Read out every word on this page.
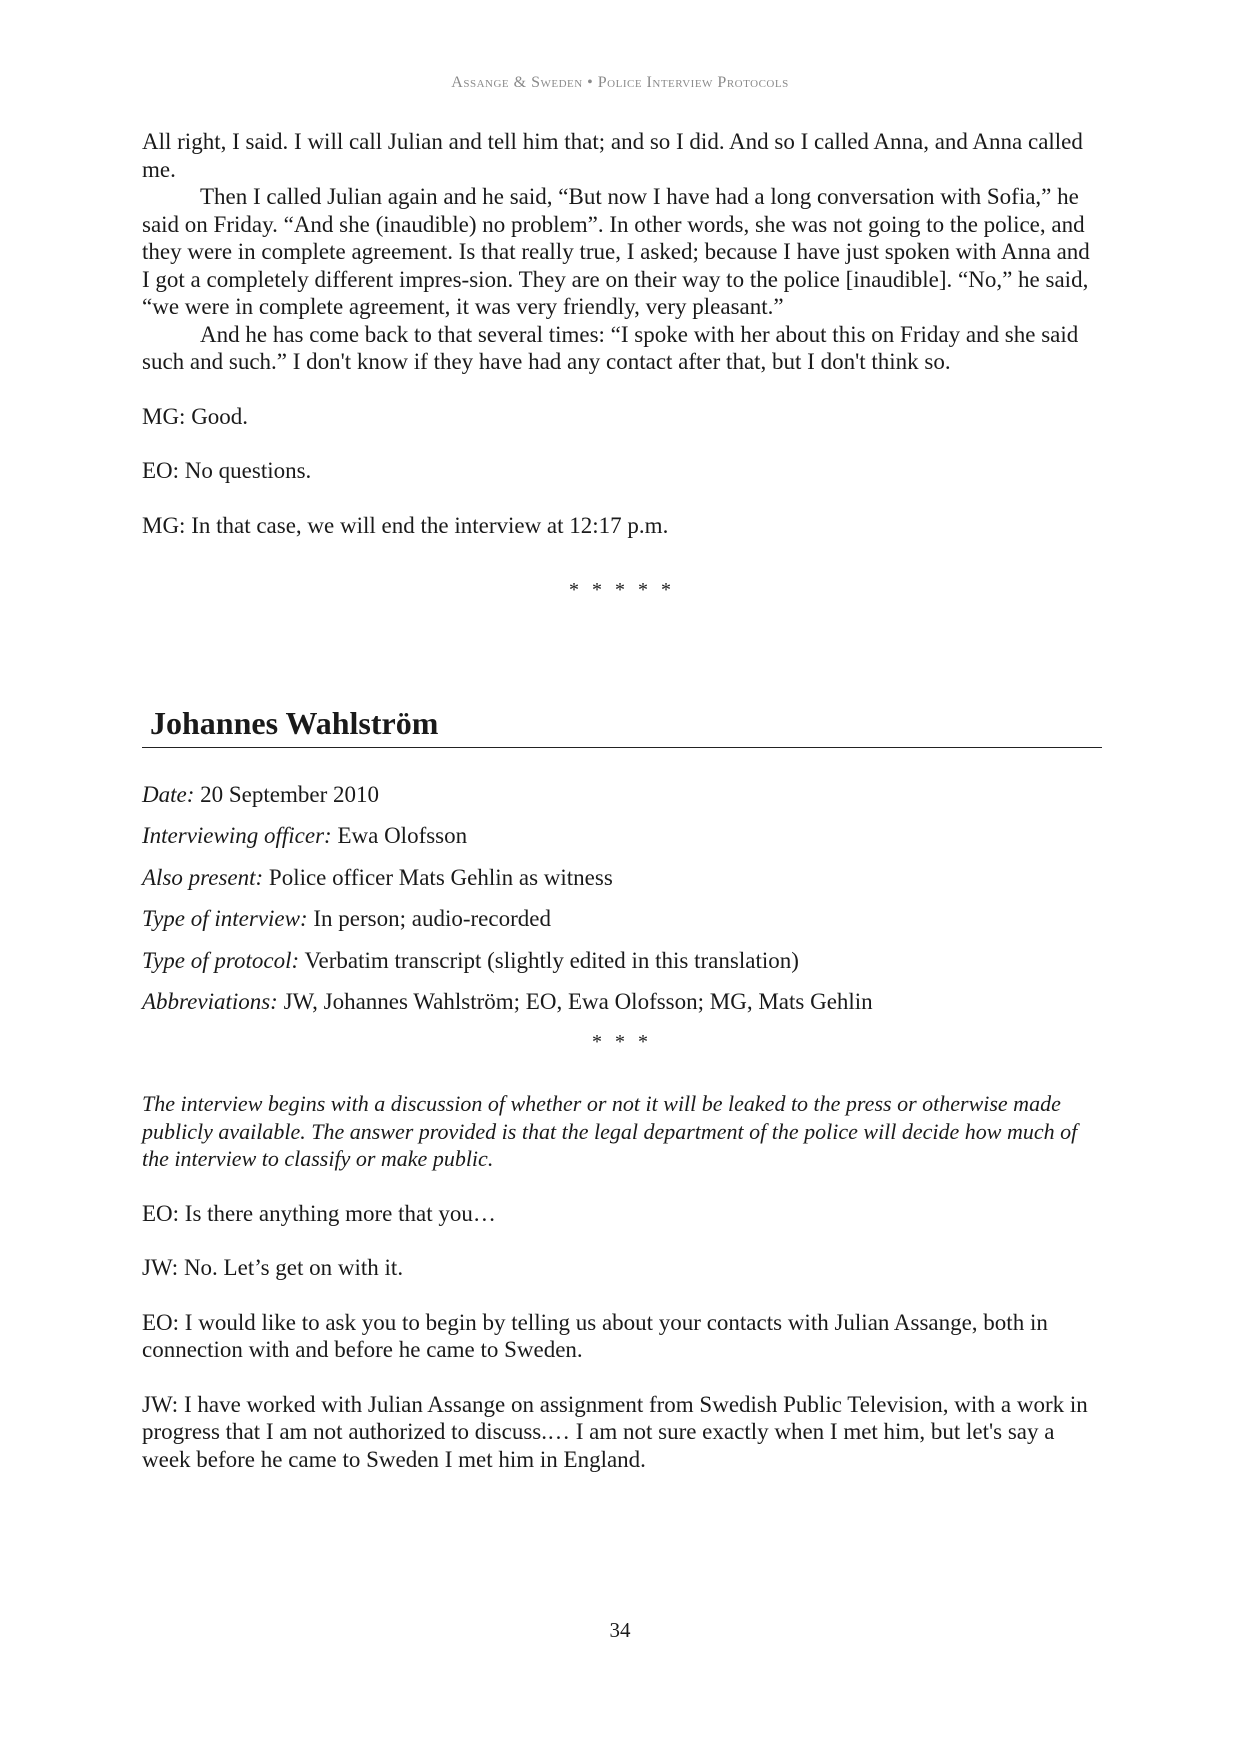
Assange & Sweden • Police Interview Protocols

All right, I said. I will call Julian and tell him that; and so I did. And so I called Anna, and Anna called me.

Then I called Julian again and he said, “But now I have had a long conversation with Sofia,” he said on Friday. “And she (inaudible) no problem”. In other words, she was not going to the police, and they were in complete agreement. Is that really true, I asked; because I have just spoken with Anna and I got a completely different impres-sion. They are on their way to the police [inaudible]. “No,” he said, “we were in complete agreement, it was very friendly, very pleasant.”

And he has come back to that several times: “I spoke with her about this on Friday and she said such and such.” I don't know if they have had any contact after that, but I don't think so.

MG: Good.

EO: No questions.

MG: In that case, we will end the interview at 12:17 p.m.

* * * * *
Johannes Wahlström
Date: 20 September 2010
Interviewing officer: Ewa Olofsson
Also present: Police officer Mats Gehlin as witness
Type of interview: In person; audio-recorded
Type of protocol: Verbatim transcript (slightly edited in this translation)
Abbreviations: JW, Johannes Wahlström; EO, Ewa Olofsson; MG, Mats Gehlin
* * *

The interview begins with a discussion of whether or not it will be leaked to the press or otherwise made publicly available. The answer provided is that the legal department of the police will decide how much of the interview to classify or make public.

EO: Is there anything more that you…

JW: No. Let’s get on with it.

EO: I would like to ask you to begin by telling us about your contacts with Julian Assange, both in connection with and before he came to Sweden.

JW: I have worked with Julian Assange on assignment from Swedish Public Television, with a work in progress that I am not authorized to discuss.… I am not sure exactly when I met him, but let's say a week before he came to Sweden I met him in England.

34
